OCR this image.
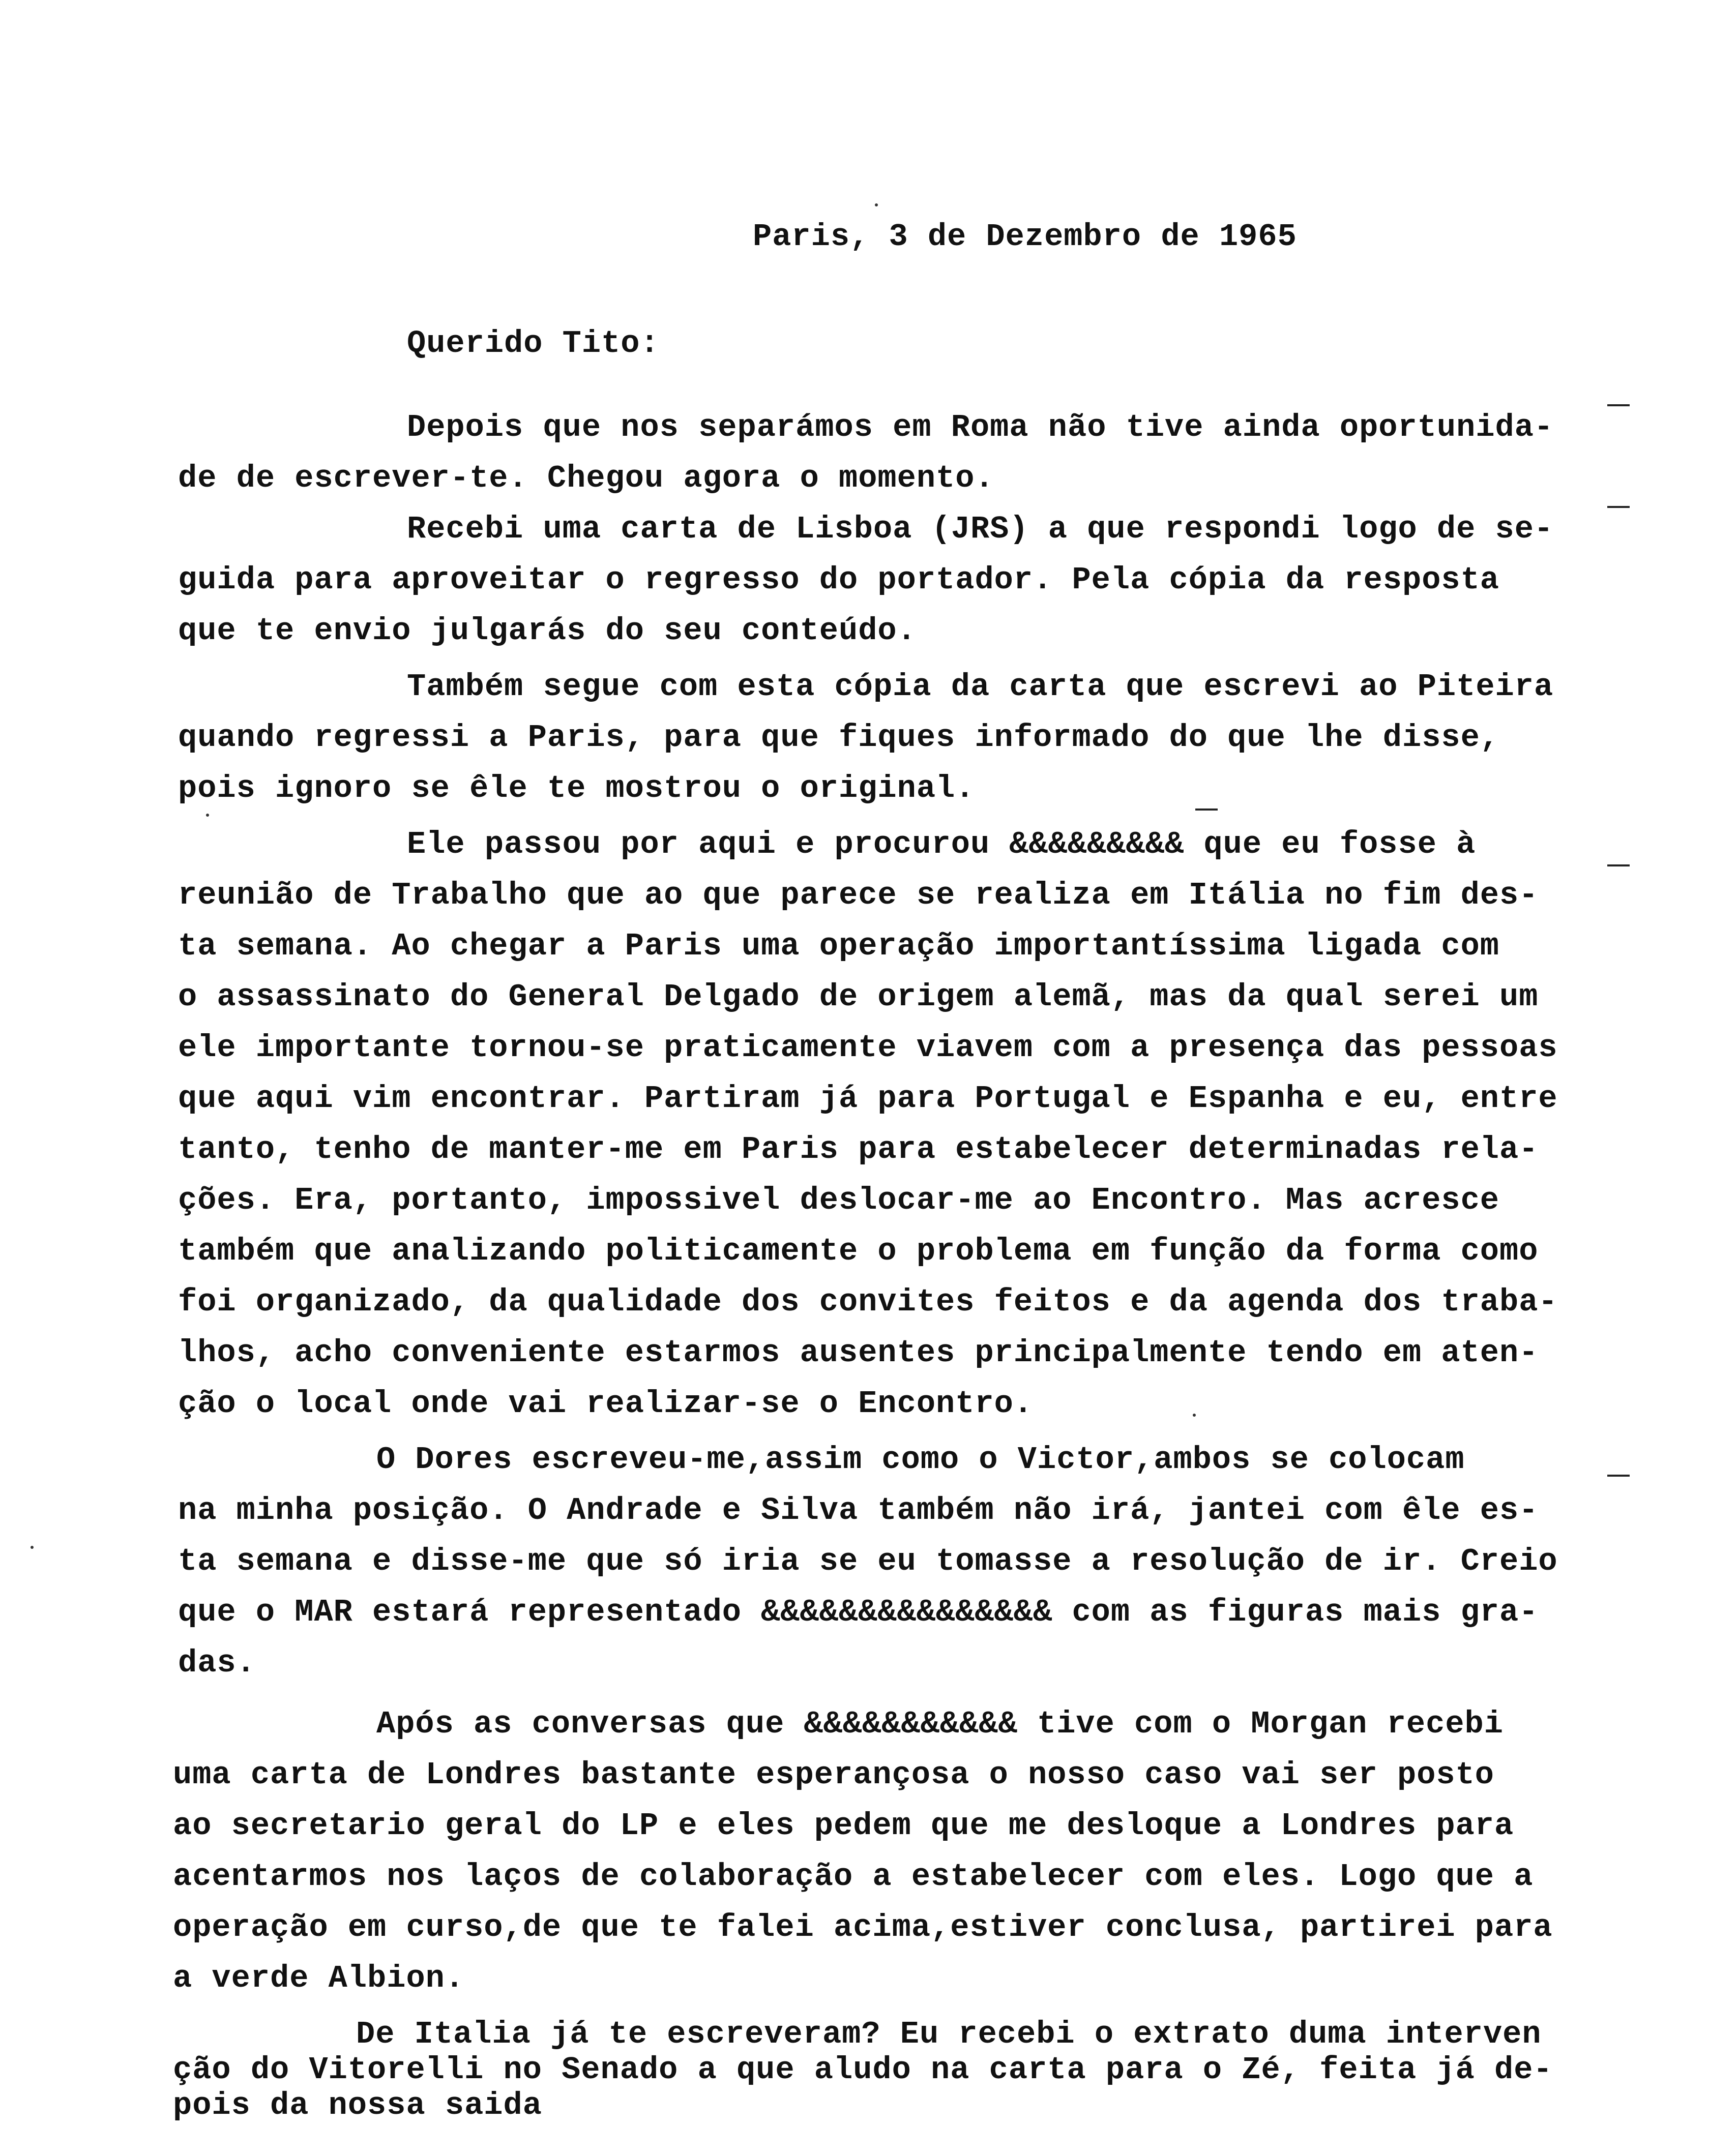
Paris, 3 de Dezembro de 1965
Querido Tito:
Depois que nos separámos em Roma não tive ainda oportunida-
de de escrever-te. Chegou agora o momento.
Recebi uma carta de Lisboa (JRS) a que respondi logo de se-
guida para aproveitar o regresso do portador. Pela cópia da resposta
que te envio julgarás do seu conteúdo.
Também segue com esta cópia da carta que escrevi ao Piteira
quando regressi a Paris, para que fiques informado do que lhe disse,
pois ignoro se êle te mostrou o original.
Ele passou por aqui e procurou &&&&&&&&& que eu fosse à
reunião de Trabalho que ao que parece se realiza em Itália no fim des-
ta semana. Ao chegar a Paris uma operação importantíssima ligada com
o assassinato do General Delgado de origem alemã, mas da qual serei um
ele importante tornou-se praticamente viavem com a presença das pessoas
que aqui vim encontrar. Partiram já para Portugal e Espanha e eu, entre
tanto, tenho de manter-me em Paris para estabelecer determinadas rela-
ções. Era, portanto, impossivel deslocar-me ao Encontro. Mas acresce
também que analizando politicamente o problema em função da forma como
foi organizado, da qualidade dos convites feitos e da agenda dos traba-
lhos, acho conveniente estarmos ausentes principalmente tendo em aten-
ção o local onde vai realizar-se o Encontro.
O Dores escreveu-me,assim como o Victor,ambos se colocam
na minha posição. O Andrade e Silva também não irá, jantei com êle es-
ta semana e disse-me que só iria se eu tomasse a resolução de ir. Creio
que o MAR estará representado &&&&&&&&&&&&&&& com as figuras mais gra-
das.
Após as conversas que &&&&&&&&&&& tive com o Morgan recebi
uma carta de Londres bastante esperançosa o nosso caso vai ser posto
ao secretario geral do LP e eles pedem que me desloque a Londres para
acentarmos nos laços de colaboração a estabelecer com eles. Logo que a
operação em curso,de que te falei acima,estiver conclusa, partirei para
a verde Albion.
De Italia já te escreveram? Eu recebi o extrato duma interven
ção do Vitorelli no Senado a que aludo na carta para o Zé, feita já de-
pois da nossa saida
